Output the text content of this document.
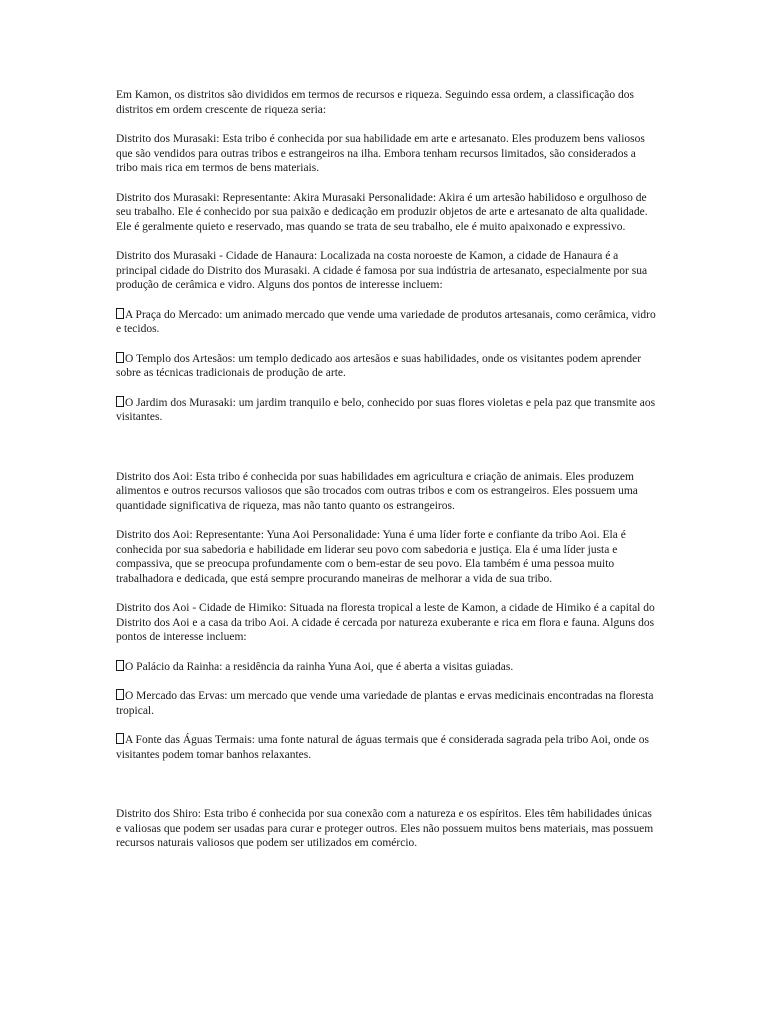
Em Kamon, os distritos são divididos em termos de recursos e riqueza. Seguindo essa ordem, a classificação dos distritos em ordem crescente de riqueza seria:

Distrito dos Murasaki: Esta tribo é conhecida por sua habilidade em arte e artesanato. Eles produzem bens valiosos que são vendidos para outras tribos e estrangeiros na ilha. Embora tenham recursos limitados, são considerados a tribo mais rica em termos de bens materiais.

Distrito dos Murasaki: Representante: Akira Murasaki Personalidade: Akira é um artesão habilidoso e orgulhoso de seu trabalho. Ele é conhecido por sua paixão e dedicação em produzir objetos de arte e artesanato de alta qualidade. Ele é geralmente quieto e reservado, mas quando se trata de seu trabalho, ele é muito apaixonado e expressivo.

Distrito dos Murasaki - Cidade de Hanaura: Localizada na costa noroeste de Kamon, a cidade de Hanaura é a principal cidade do Distrito dos Murasaki. A cidade é famosa por sua indústria de artesanato, especialmente por sua produção de cerâmica e vidro. Alguns dos pontos de interesse incluem:

A Praça do Mercado: um animado mercado que vende uma variedade de produtos artesanais, como cerâmica, vidro e tecidos.

O Templo dos Artesãos: um templo dedicado aos artesãos e suas habilidades, onde os visitantes podem aprender sobre as técnicas tradicionais de produção de arte.

O Jardim dos Murasaki: um jardim tranquilo e belo, conhecido por suas flores violetas e pela paz que transmite aos visitantes.

Distrito dos Aoi: Esta tribo é conhecida por suas habilidades em agricultura e criação de animais. Eles produzem alimentos e outros recursos valiosos que são trocados com outras tribos e com os estrangeiros. Eles possuem uma quantidade significativa de riqueza, mas não tanto quanto os estrangeiros.

Distrito dos Aoi: Representante: Yuna Aoi Personalidade: Yuna é uma líder forte e confiante da tribo Aoi. Ela é conhecida por sua sabedoria e habilidade em liderar seu povo com sabedoria e justiça. Ela é uma líder justa e compassiva, que se preocupa profundamente com o bem-estar de seu povo. Ela também é uma pessoa muito trabalhadora e dedicada, que está sempre procurando maneiras de melhorar a vida de sua tribo.

Distrito dos Aoi - Cidade de Himiko: Situada na floresta tropical a leste de Kamon, a cidade de Himiko é a capital do Distrito dos Aoi e a casa da tribo Aoi. A cidade é cercada por natureza exuberante e rica em flora e fauna. Alguns dos pontos de interesse incluem:

O Palácio da Rainha: a residência da rainha Yuna Aoi, que é aberta a visitas guiadas.

O Mercado das Ervas: um mercado que vende uma variedade de plantas e ervas medicinais encontradas na floresta tropical.

A Fonte das Águas Termais: uma fonte natural de águas termais que é considerada sagrada pela tribo Aoi, onde os visitantes podem tomar banhos relaxantes.

Distrito dos Shiro: Esta tribo é conhecida por sua conexão com a natureza e os espíritos. Eles têm habilidades únicas e valiosas que podem ser usadas para curar e proteger outros. Eles não possuem muitos bens materiais, mas possuem recursos naturais valiosos que podem ser utilizados em comércio.
